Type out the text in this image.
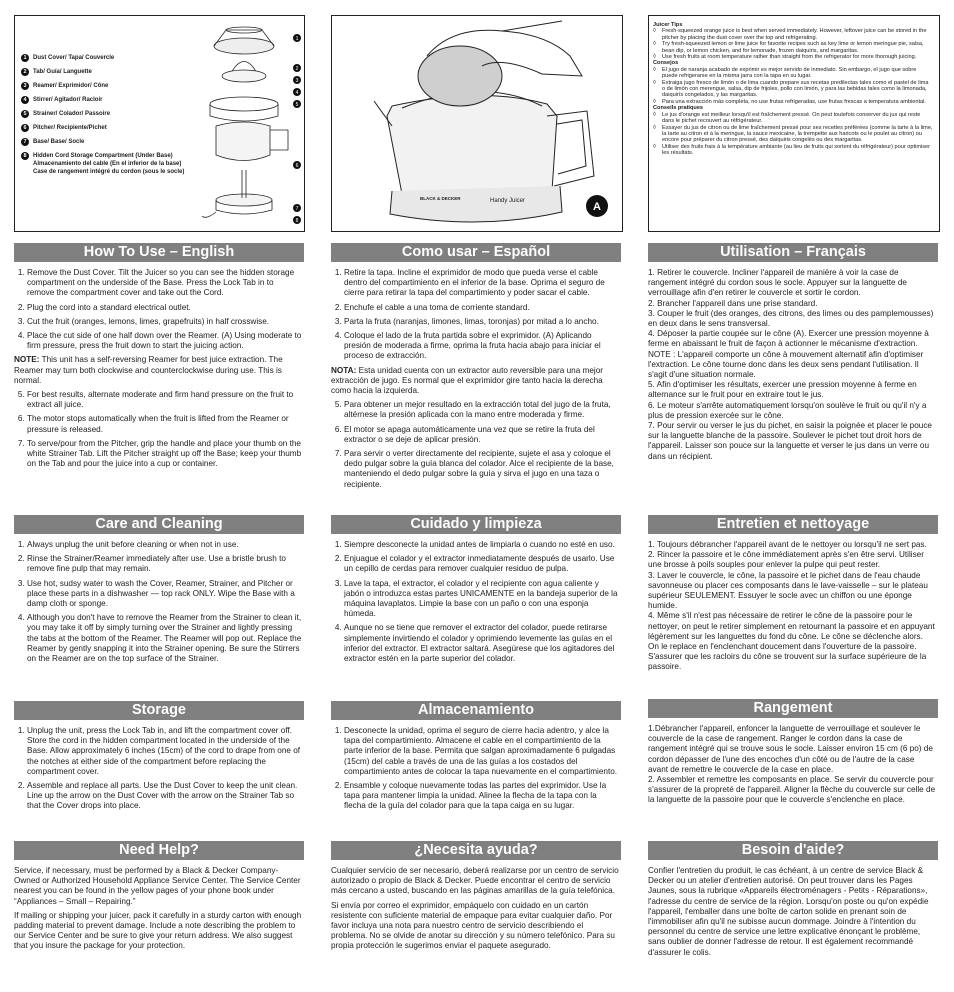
1	Dust Cover/ Tapa/ Couvercle
2	Tab/ Guía/ Languette
3	Reamer/ Exprimidor/ Cône
4	Stirrer/ Agitador/ Racloir
5	Strainer/ Colador/ Passoire
6	Pitcher/ Recipiente/Pichet
7	Base/ Base/ Socle
8	Hidden Cord Storage Compartment (Under Base)
Almacenamiento del cable (En el inferior de la base)
Case de rangement intégré du cordon (sous le socle)
1
2
3
4
5
6
7
8
A
BLACK & DECKER	Handy Juicer
Juicer Tips
◊	Fresh-squeezed orange juice is best when served immediately. However, leftover juice can be stored in the pitcher by placing the dust cover over the top and refrigerating.
◊	Try fresh-squeezed lemon or lime juice for favorite recipes such as key lime or lemon meringue pie, salsa, bean dip, or lemon chicken, and for lemonade, frozen daiquiris, and margaritas.
◊	Use fresh fruits at room temperature rather than straight from the refrigerator for more thorough juicing.
Consejos
◊	El jugo de naranja acabado de exprimir es mejor servido de inmediato. Sin embargo, el jugo que sobre puede refrigerarse en la misma jarra con la tapa en su lugar.
◊	Extraiga jugo fresco de limón o de lima cuando prepare sus recetas predilectas tales como el pastel de lima o de limón con merengue, salsa, dip de frijoles, pollo con limón, y para las bebidas tales como la limonada, daiquirís congelados, y las margaritas.
◊	Para una extracción más completa, no use frutas refrigeradas, use frutas frescas a temperatura ambiental.
Conseils pratiques
◊	Le jus d'orange est meilleur lorsqu'il est fraîchement pressé. On peut toutefois conserver du jus qui reste dans le pichet recouvert au réfrigérateur.
◊	Essayer du jus de citron ou de lime fraîchement pressé pour ses recettes préférées (comme la tarte à la lime, la tarte au citron et à la meringue, la sauce mexicaine, la trempette aux haricots ou le poulet au citron) ou encore pour préparer du citron pressé, des daïquiris congelés ou des margaritas.
◊	Utiliser des fruits frais à la température ambiante (au lieu de fruits qui sortent du réfrigérateur) pour optimiser les résultats.
How To Use – English
1. Remove the Dust Cover. Tilt the Juicer so you can see the hidden storage compartment on the underside of the Base. Press the Lock Tab in to remove the compartment cover and take out the Cord.
2. Plug the cord into a standard electrical outlet.
3. Cut the fruit (oranges, lemons, limes, grapefruits) in half crosswise.
4. Place the cut side of one half down over the Reamer. (A) Using moderate to firm pressure, press the fruit down to start the juicing action.

NOTE: This unit has a self-reversing Reamer for best juice extraction. The Reamer may turn both clockwise and counterclockwise during use. This is normal.

5. For best results, alternate moderate and firm hand pressure on the fruit to extract all juice.
6. The motor stops automatically when the fruit is lifted from the Reamer or pressure is released.
7. To serve/pour from the Pitcher, grip the handle and place your thumb on the white Strainer Tab. Lift the Pitcher straight up off the Base; keep your thumb on the Tab and pour the juice into a cup or container.
Care and Cleaning
1. Always unplug the unit before cleaning or when not in use.
2. Rinse the Strainer/Reamer immediately after use. Use a bristle brush to remove fine pulp that may remain.
3. Use hot, sudsy water to wash the Cover, Reamer, Strainer, and Pitcher or place these parts in a dishwasher — top rack ONLY. Wipe the Base with a damp cloth or sponge.
4. Although you don't have to remove the Reamer from the Strainer to clean it, you may take it off by simply turning over the Strainer and lightly pressing the tabs at the bottom of the Reamer. The Reamer will pop out. Replace the Reamer by gently snapping it into the Strainer opening. Be sure the Stirrers on the Reamer are on the top surface of the Strainer.
Storage
1. Unplug the unit, press the Lock Tab in, and lift the compartment cover off. Store the cord in the hidden compartment located in the underside of the Base. Allow approximately 6 inches (15cm) of the cord to drape from one of the notches at either side of the compartment before replacing the compartment cover.
2. Assemble and replace all parts. Use the Dust Cover to keep the unit clean. Line up the arrow on the Dust Cover with the arrow on the Strainer Tab so that the Cover drops into place.
Need Help?

Service, if necessary, must be performed by a Black & Decker Company-Owned or Authorized Household Appliance Service Center. The Service Center nearest you can be found in the yellow pages of your phone book under “Appliances – Small – Repairing.”

If mailing or shipping your juicer, pack it carefully in a sturdy carton with enough padding material to prevent damage. Include a note describing the problem to our Service Center and be sure to give your return address. We also suggest that you insure the package for your protection.

Como usar – Español
1. Retire la tapa. Incline el exprimidor de modo que pueda verse el cable dentro del compartimiento en el inferior de la base. Oprima el seguro de cierre para retirar la tapa del compartimiento y poder sacar el cable.
2. Enchufe el cable a una toma de corriente standard.
3. Parta la fruta (naranjas, limones, limas, toronjas) por mitad a lo ancho.
4. Coloque el lado de la fruta partida sobre el exprimidor. (A) Aplicando presión de moderada a firme, oprima la fruta hacia abajo para iniciar el proceso de extracción.

NOTA: Esta unidad cuenta con un extractor auto reversible para una mejor extracción de jugo. Es normal que el exprimidor gire tanto hacia la derecha como hacia la izquierda.

5. Para obtener un mejor resultado en la extracción total del jugo de la fruta, altérnese la presión aplicada con la mano entre moderada y firme.
6. El motor se apaga automáticamente una vez que se retire la fruta del extractor o se deje de aplicar presión.
7. Para servir o verter directamente del recipiente, sujete el asa y coloque el dedo pulgar sobre la guía blanca del colador. Alce el recipiente de la base, manteniendo el dedo pulgar sobre la guía y sirva el jugo en una taza o recipiente.
Cuidado y limpieza
1. Siempre desconecte la unidad antes de limpiarla o cuando no esté en uso.
2. Enjuague el colador y el extractor inmediatamente después de usarlo. Use un cepillo de cerdas para remover cualquier residuo de pulpa.
3. Lave la tapa, el extractor, el colador y el recipiente con agua caliente y jabón o introduzca estas partes UNICAMENTE en la bandeja superior de la máquina lavaplatos. Limpie la base con un paño o con una esponja húmeda.
4. Aunque no se tiene que remover el extractor del colador, puede retirarse simplemente invirtiendo el colador y oprimiendo levemente las guías en el inferior del extractor. El extractor saltará. Asegúrese que los agitadores del extractor estén en la parte superior del colador.
Almacenamiento
1. Desconecte la unidad, oprima el seguro de cierre hacia adentro, y alce la tapa del compartimiento. Almacene el cable en el compartimiento de la parte inferior de la base. Permita que salgan aproximadamente 6 pulgadas (15cm) del cable a través de una de las guías a los costados del compartimiento antes de colocar la tapa nuevamente en el compartimiento.
2. Ensamble y coloque nuevamente todas las partes del exprimidor. Use la tapa para mantener limpia la unidad. Alinee la flecha de la tapa con la flecha de la guía del colador para que la tapa caiga en su lugar.
¿Necesita ayuda?

Cualquier servicio de ser necesario, deberá realizarse por un centro de servicio autorizado o propio de Black & Decker. Puede encontrar el centro de servicio más cercano a usted, buscando en las páginas amarillas de la guía telefónica.

Si envía por correo el exprimidor, empáquelo con cuidado en un cartón resistente con suficiente material de empaque para evitar cualquier daño. Por favor incluya una nota para nuestro centro de servicio describiendo el problema. No se olvide de anotar su dirección y su número telefónico. Para su propia protección le sugerimos enviar el paquete asegurado.

Utilisation – Français

1. Retirer le couvercle. Incliner l'appareil de manière à voir la case de rangement intégré du cordon sous le socle. Appuyer sur la languette de verrouillage afin d'en retirer le couvercle et sortir le cordon.

2. Brancher l'appareil dans une prise standard.

3. Couper le fruit (des oranges, des citrons, des limes ou des pamplemousses) en deux dans le sens transversal.

4. Déposer la partie coupée sur le cône (A). Exercer une pression moyenne à ferme en abaissant le fruit de façon à actionner le mécanisme d'extraction.

NOTE : L'appareil comporte un cône à mouvement alternatif afin d'optimiser l'extraction. Le cône tourne donc dans les deux sens pendant l'utilisation. Il s'agit d'une situation normale.

5. Afin d'optimiser les résultats, exercer une pression moyenne à ferme en alternance sur le fruit pour en extraire tout le jus.

6. Le moteur s'arrête automatiquement lorsqu'on soulève le fruit ou qu'il n'y a plus de pression exercée sur le cône.

7. Pour servir ou verser le jus du pichet, en saisir la poignée et placer le pouce sur la languette blanche de la passoire. Soulever le pichet tout droit hors de l'appareil. Laisser son pouce sur la languette et verser le jus dans un verre ou dans un récipient.

Entretien et nettoyage

1. Toujours débrancher l'appareil avant de le nettoyer ou lorsqu'il ne sert pas.

2. Rincer la passoire et le cône immédiatement après s'en être servi. Utiliser une brosse à poils souples pour enlever la pulpe qui peut rester.

3. Laver le couvercle, le cône, la passoire et le pichet dans de l'eau chaude savonneuse ou placer ces composants dans le lave-vaisselle – sur le plateau supérieur SEULEMENT. Essuyer le socle avec un chiffon ou une éponge humide.

4. Même s'il n'est pas nécessaire de retirer le cône de la passoire pour le nettoyer, on peut le retirer simplement en retournant la passoire et en appuyant légèrement sur les languettes du fond du cône. Le cône se déclenche alors. On le replace en l'enclenchant doucement dans l'ouverture de la passoire. S'assurer que les racloirs du cône se trouvent sur la surface supérieure de la passoire.

Rangement

1.Débrancher l'appareil, enfoncer la languette de verrouillage et soulever le couvercle de la case de rangement. Ranger le cordon dans la case de rangement intégré qui se trouve sous le socle. Laisser environ 15 cm (6 po) de cordon dépasser de l'une des encoches d'un côté ou de l'autre de la case avant de remettre le couvercle de la case en place.

2. Assembler et remettre les composants en place. Se servir du couvercle pour s'assurer de la propreté de l'appareil. Aligner la flèche du couvercle sur celle de la languette de la passoire pour que le couvercle s'enclenche en place.

Besoin d'aide?

Confier l'entretien du produit, le cas échéant, à un centre de service Black & Decker ou un atelier d'entretien autorisé. On peut trouver dans les Pages Jaunes, sous la rubrique «Appareils électroménagers - Petits - Réparations», l'adresse du centre de service de la région. Lorsqu'on poste ou qu'on expédie l'appareil, l'emballer dans une boîte de carton solide en prenant soin de l'immobiliser afin qu'il ne subisse aucun dommage. Joindre à l'intention du personnel du centre de service une lettre explicative énonçant le problème, sans oublier de donner l'adresse de retour. Il est également recommandé d'assurer le colis.
